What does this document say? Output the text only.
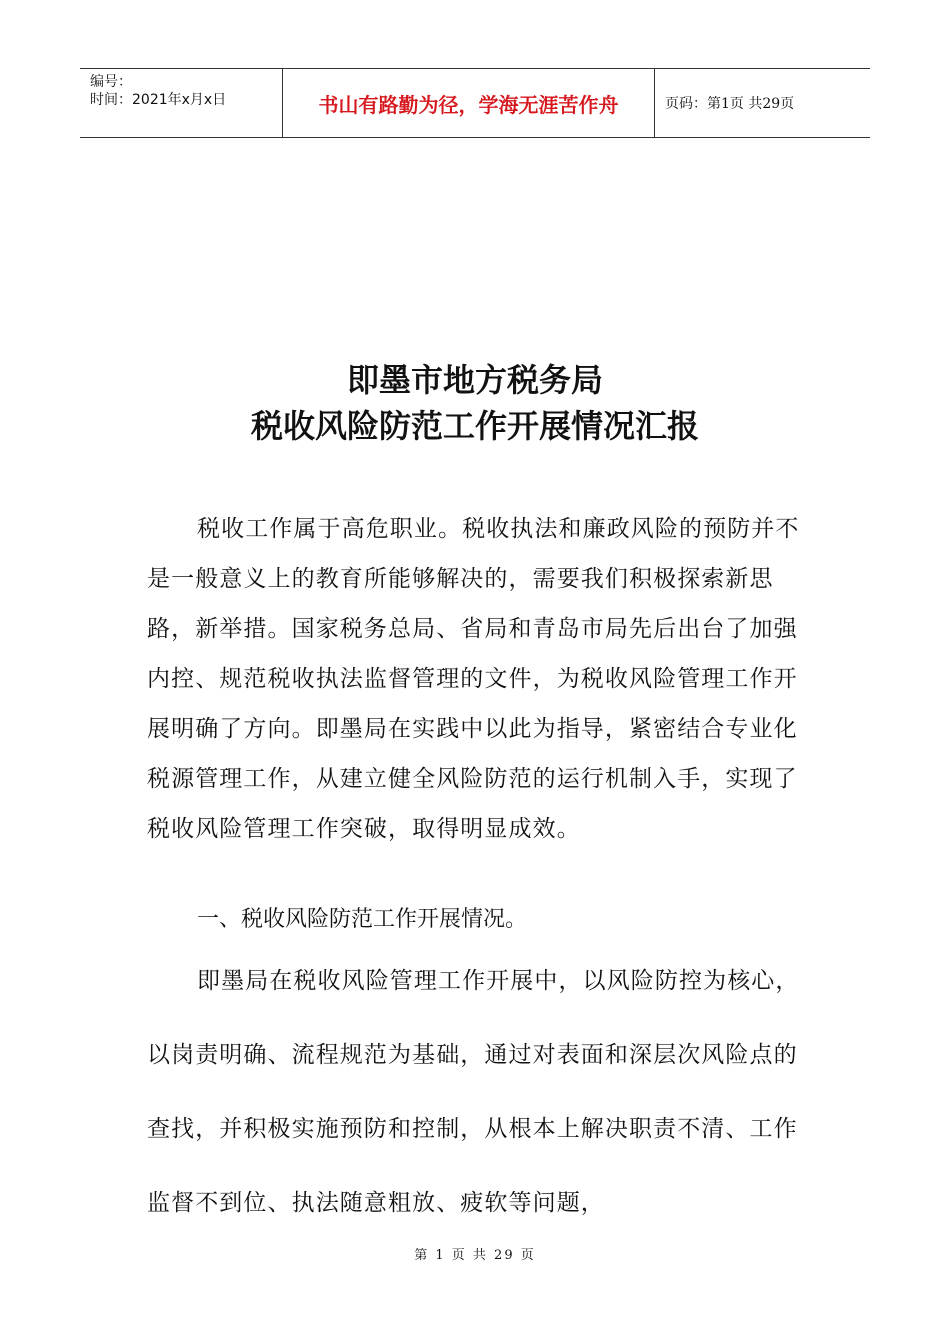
编号：
时间：2021年x月x日	书山有路勤为径，学海无涯苦作舟	页码：第1页 共29页
即墨市地方税务局
税收风险防范工作开展情况汇报
税收工作属于高危职业。税收执法和廉政风险的预防并不是一般意义上的教育所能够解决的，需要我们积极探索新思路，新举措。国家税务总局、省局和青岛市局先后出台了加强内控、规范税收执法监督管理的文件，为税收风险管理工作开展明确了方向。即墨局在实践中以此为指导，紧密结合专业化税源管理工作，从建立健全风险防范的运行机制入手，实现了税收风险管理工作突破，取得明显成效。
一、税收风险防范工作开展情况。
即墨局在税收风险管理工作开展中，以风险防控为核心，以岗责明确、流程规范为基础，通过对表面和深层次风险点的查找，并积极实施预防和控制，从根本上解决职责不清、工作监督不到位、执法随意粗放、疲软等问题，
第 1 页 共 29 页
